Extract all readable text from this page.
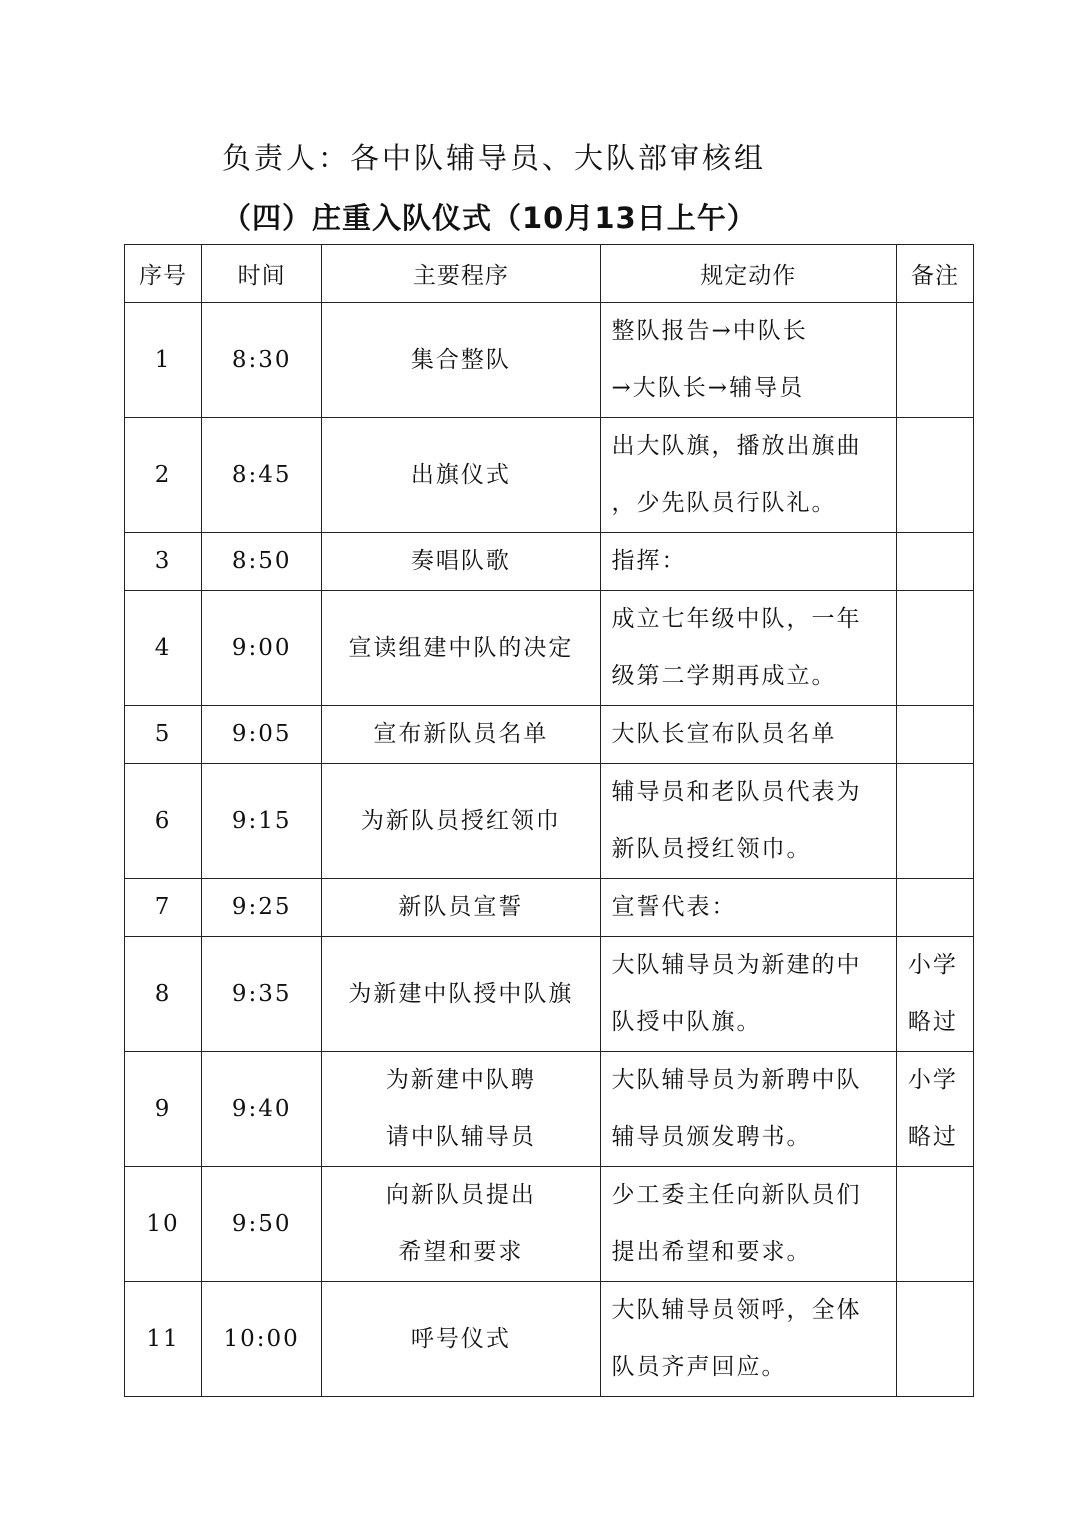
负责人：各中队辅导员、大队部审核组
（四）庄重入队仪式（10月13日上午）
序号	时间	主要程序	规定动作	备注

1	8:30	集合整队	整队报告→中队长
→大队长→辅导员	

2	8:45	出旗仪式	出大队旗，播放出旗曲
，少先队员行队礼。	

3	8:50	奏唱队歌	指挥：	

4	9:00	宣读组建中队的决定	成立七年级中队，一年
级第二学期再成立。	

5	9:05	宣布新队员名单	大队长宣布队员名单	

6	9:15	为新队员授红领巾	辅导员和老队员代表为
新队员授红领巾。	

7	9:25	新队员宣誓	宣誓代表：	

8	9:35	为新建中队授中队旗	大队辅导员为新建的中
队授中队旗。	小学
略过

9	9:40	为新建中队聘
请中队辅导员	大队辅导员为新聘中队
辅导员颁发聘书。	小学
略过

10	9:50	向新队员提出
希望和要求	少工委主任向新队员们
提出希望和要求。	

11	10:00	呼号仪式	大队辅导员领呼，全体
队员齐声回应。	
